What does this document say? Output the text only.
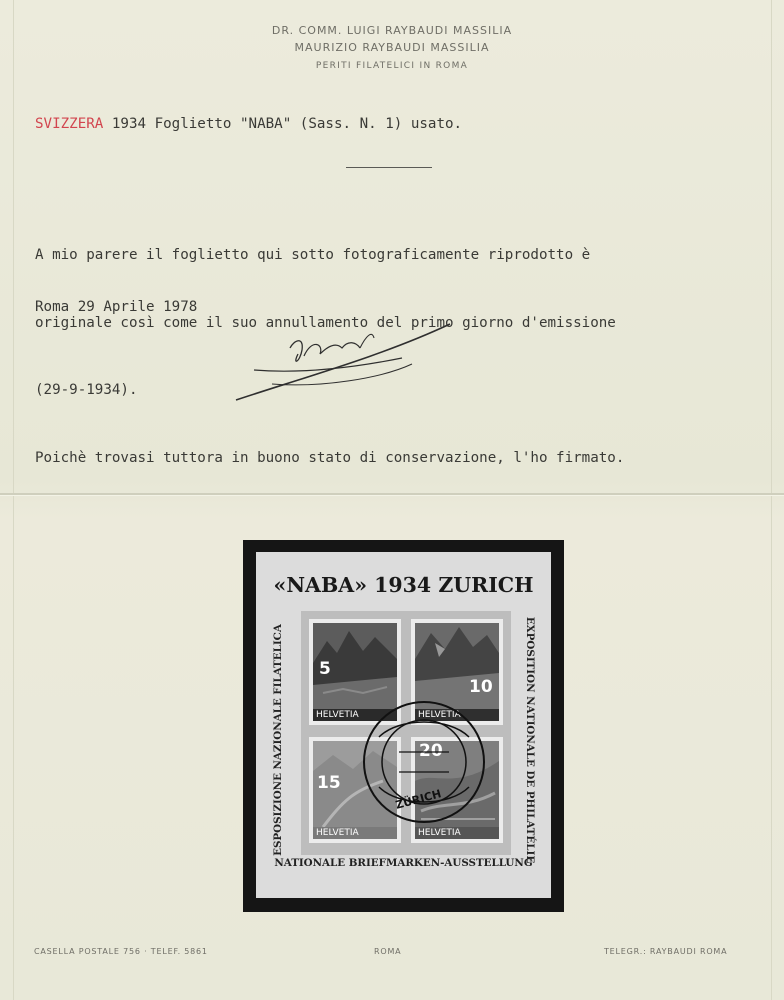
DR. COMM. LUIGI RAYBAUDI MASSILIA
MAURIZIO RAYBAUDI MASSILIA
PERITI FILATELICI IN ROMA
SVIZZERA 1934 Foglietto "NABA" (Sass. N. 1) usato.

A mio parere il foglietto qui sotto fotograficamente riprodotto è

originale così come il suo annullamento del primo giorno d'emissione

(29-9-1934).

Poichè trovasi tuttora in buono stato di conservazione, l'ho firmato.

Roma 29 Aprile 1978
«NABA» 1934 ZURICH
ESPOSIZIONE NAZIONALE FILATELICA	EXPOSITION NATIONALE DE PHILATÉLIE
5
HELVETIA
10
HELVETIA
15
HELVETIA
20
HELVETIA
ZÜRICH
NATIONALE BRIEFMARKEN-AUSSTELLUNG
CASELLA POSTALE 756 · TELEF. 5861	ROMA	TELEGR.: RAYBAUDI ROMA
